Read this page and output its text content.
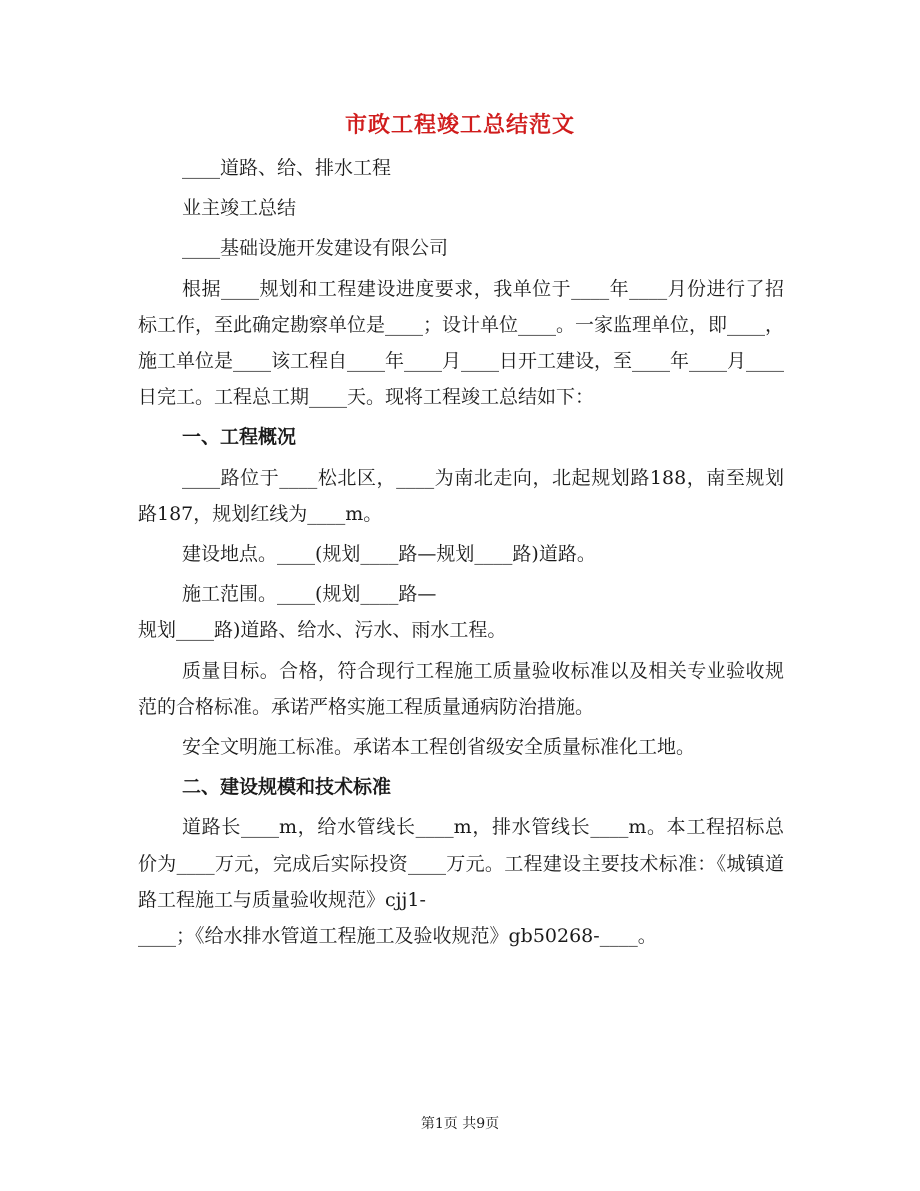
市政工程竣工总结范文

____道路、给、排水工程

业主竣工总结

____基础设施开发建设有限公司

根据____规划和工程建设进度要求，我单位于____年____月份进行了招标工作，至此确定勘察单位是____；设计单位____。一家监理单位，即____，施工单位是____该工程自____年____月____日开工建设，至____年____月____日完工。工程总工期____天。现将工程竣工总结如下：

一、工程概况

____路位于____松北区，____为南北走向，北起规划路188，南至规划路187，规划红线为____m。

建设地点。____(规划____路—规划____路)道路。

施工范围。____(规划____路—

规划____路)道路、给水、污水、雨水工程。

质量目标。合格，符合现行工程施工质量验收标准以及相关专业验收规范的合格标准。承诺严格实施工程质量通病防治措施。

安全文明施工标准。承诺本工程创省级安全质量标准化工地。

二、建设规模和技术标准

道路长____m，给水管线长____m，排水管线长____m。本工程招标总价为____万元，完成后实际投资____万元。工程建设主要技术标准：《城镇道路工程施工与质量验收规范》cjj1-

____；《给水排水管道工程施工及验收规范》gb50268-____。

第1页 共9页
